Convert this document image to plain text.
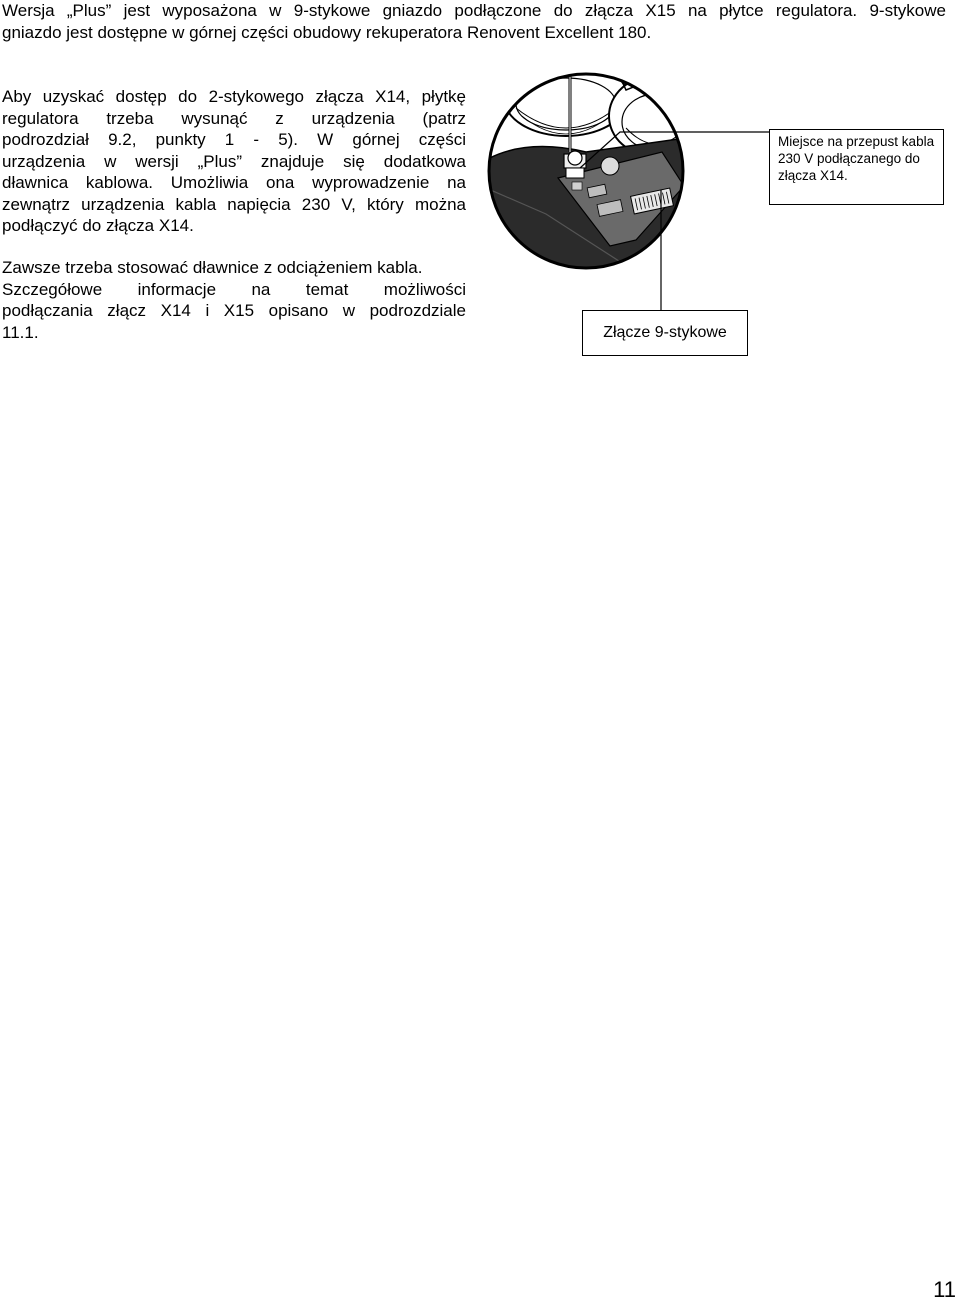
Wersja „Plus” jest wyposażona w 9-stykowe gniazdo podłączone do złącza X15 na płytce regulatora. 9-stykowe
gniazdo jest dostępne w górnej części obudowy rekuperatora Renovent Excellent 180.

Aby uzyskać dostęp do 2-stykowego złącza X14, płytkę
regulatora trzeba wysunąć z urządzenia (patrz
podrozdział 9.2, punkty 1 - 5). W górnej części
urządzenia w wersji „Plus” znajduje się dodatkowa
dławnica kablowa. Umożliwia ona wyprowadzenie na
zewnątrz urządzenia kabla napięcia 230 V, który można
podłączyć do złącza X14.

Zawsze trzeba stosować dławnice z odciążeniem kabla.
Szczegółowe informacje na temat możliwości
podłączania złącz X14 i X15 opisano w podrozdziale
11.1.

Miejsce na przepust kabla 230 V podłączanego do złącza X14.
Złącze 9-stykowe
11
